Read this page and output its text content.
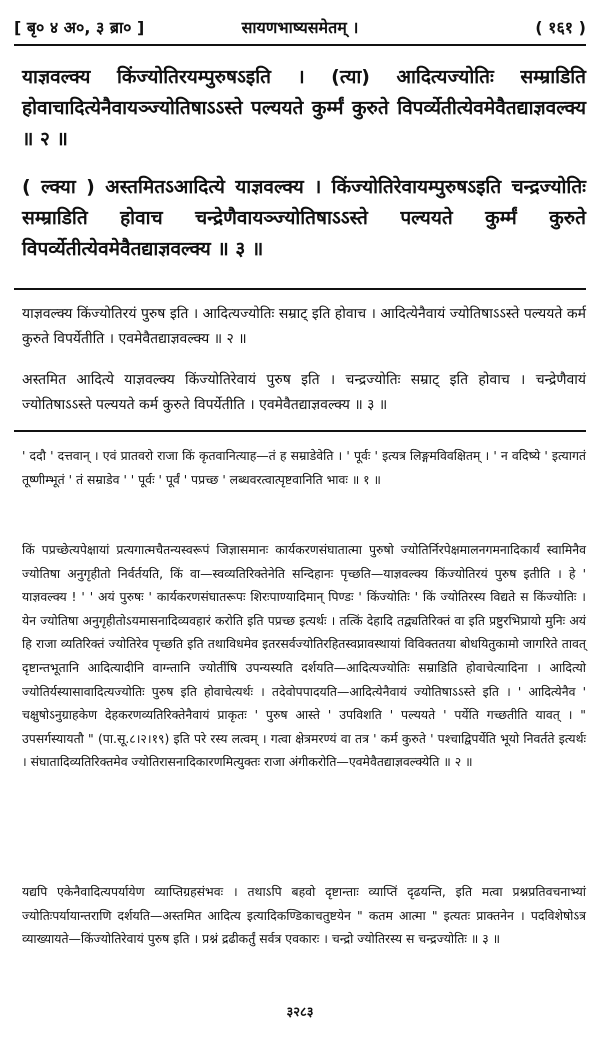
[ बृ० ४ अ०, ३ ब्रा० ]	सायणभाष्यसमेतम् ।	( १६१ )
याज्ञवल्क्य किंज्योतिरयम्पुरुषऽइति । (त्या) आदित्यज्योतिः सम्म्राडिति होवाचादित्येनैवायञ्ज्योतिषाऽऽस्ते पल्ययते कुर्म्मं कुरुते विपर्व्येतीत्येवमेवैतद्याज्ञवल्क्य ॥ २ ॥
( ल्क्या ) अस्तमितऽआदित्ये याज्ञवल्क्य । किंज्योतिरेवायम्पुरुषऽइति चन्द्रज्योतिः सम्म्राडिति होवाच चन्द्रेणैवायञ्ज्योतिषाऽऽस्ते पल्ययते कुर्म्मं कुरुते विपर्व्येतीत्येवमेवैतद्याज्ञवल्क्य ॥ ३ ॥
याज्ञवल्क्य किंज्योतिरयं पुरुष इति । आदित्यज्योतिः सम्राट् इति होवाच । आदित्येनैवायं ज्योतिषाऽऽस्ते पल्ययते कर्म कुरुते विपर्येतीति । एवमेवैतद्याज्ञवल्क्य ॥ २ ॥
अस्तमित आदित्ये याज्ञवल्क्य किंज्योतिरेवायं पुरुष इति । चन्द्रज्योतिः सम्राट् इति होवाच । चन्द्रेणैवायं ज्योतिषाऽऽस्ते पल्ययते कर्म कुरुते विपर्येतीति । एवमेवैतद्याज्ञवल्क्य ॥ ३ ॥
' ददौ ' दत्तवान् । एवं प्रातवरो राजा किं कृतवानित्याह—तं ह सम्राडेवेति । ' पूर्वः ' इत्यत्र लिङ्गमविवक्षितम् । ' न वदिष्ये ' इत्यागतं तूष्णीम्भूतं ' तं सम्राडेव ' ' पूर्वः ' पूर्वं ' पप्रच्छ ' लब्धवरत्वात्पृष्टवानिति भावः ॥ १ ॥
किं पप्रच्छेत्यपेक्षायां प्रत्यगात्मचैतन्यस्वरूपं जिज्ञासमानः कार्यकरणसंघातात्मा पुरुषो ज्योतिर्निरपेक्षमालनगमनादिकार्यं स्वामिनैव ज्योतिषा अनुगृहीतो निर्वर्तयति, किं वा—स्वव्यतिरिक्तेनेति सन्दिहानः पृच्छति—याज्ञवल्क्य किंज्योतिरयं पुरुष इतीति । हे ' याज्ञवल्क्य ! ' ' अयं पुरुषः ' कार्यकरणसंघातरूपः शिरःपाण्यादिमान् पिण्डः ' किंज्योतिः ' किं ज्योतिरस्य विद्यते स किंज्योतिः । येन ज्योतिषा अनुगृहीतोऽयमासनादिव्यवहारं करोति इति पप्रच्छ इत्यर्थः । तत्किं देहादि तद्व्यतिरिक्तं वा इति प्रष्टुरभिप्रायो मुनिः अयं हि राजा व्यतिरिक्तं ज्योतिरेव पृच्छति इति तथाविधमेव इतरसर्वज्योतिरहितस्वप्नावस्थायां विविक्ततया बोधयितुकामो जागरिते तावत् दृष्टान्तभूतानि आदित्यादीनि वाग्न्तानि ज्योतींषि उपन्यस्यति दर्शयति—आदित्यज्योतिः सम्राडिति होवाचेत्यादिना । आदित्यो ज्योतिर्यस्यासावादित्यज्योतिः पुरुष इति होवाचेत्यर्थः । तदेवोपपादयति—आदित्येनैवायं ज्योतिषाऽऽस्ते इति । ' आदित्येनैव ' चक्षुषोऽनुग्राहकेण देहकरणव्यतिरिक्तेनैवायं प्राकृतः ' पुरुष आस्ते ' उपविशति ' पल्ययते ' पर्येति गच्छतीति यावत् । " उपसर्गस्यायतौ " (पा.सू.८।२।१९) इति परे रस्य लत्वम् । गत्वा क्षेत्रमरण्यं वा तत्र ' कर्म कुरुते ' पश्चाद्विपर्येति भूयो निवर्तते इत्यर्थः । संघातादिव्यतिरिक्तमेव ज्योतिरासनादिकारणमित्युक्तः राजा अंगीकरोति—एवमेवैतद्याज्ञवल्क्येति ॥ २ ॥
यद्यपि एकेनैवादित्यपर्यायेण व्याप्तिग्रहसंभवः । तथाऽपि बहवो दृष्टान्ताः व्याप्तिं दृढयन्ति, इति मत्वा प्रश्नप्रतिवचनाभ्यां ज्योतिःपर्यायान्तराणि दर्शयति—अस्तमित आदित्य इत्यादिकण्डिकाचतुष्टयेन " कतम आत्मा " इत्यतः प्राक्तनेन । पदविशेषोऽत्र व्याख्यायते—किंज्योतिरेवायं पुरुष इति । प्रश्नं द्रढीकर्तुं सर्वत्र एवकारः । चन्द्रो ज्योतिरस्य स चन्द्रज्योतिः ॥ ३ ॥
३२८३
